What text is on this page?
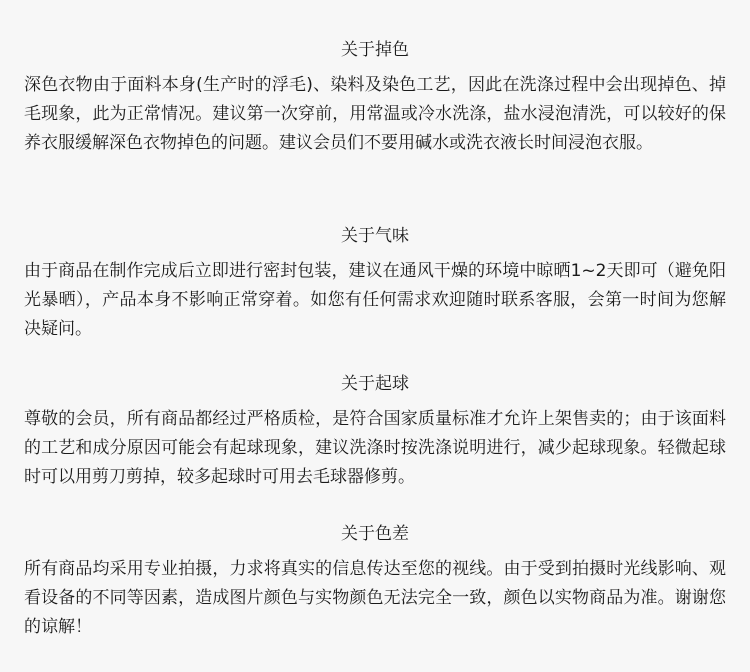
关于掉色

深色衣物由于面料本身(生产时的浮毛)、染料及染色工艺，因此在洗涤过程中会出现掉色、掉毛现象，此为正常情况。建议第一次穿前，用常温或冷水洗涤，盐水浸泡清洗，可以较好的保养衣服缓解深色衣物掉色的问题。建议会员们不要用碱水或洗衣液长时间浸泡衣服。

关于气味

由于商品在制作完成后立即进行密封包装，建议在通风干燥的环境中晾晒1~2天即可（避免阳光暴晒），产品本身不影响正常穿着。如您有任何需求欢迎随时联系客服，会第一时间为您解决疑问。

关于起球

尊敬的会员，所有商品都经过严格质检，是符合国家质量标准才允许上架售卖的；由于该面料的工艺和成分原因可能会有起球现象，建议洗涤时按洗涤说明进行，减少起球现象。轻微起球时可以用剪刀剪掉，较多起球时可用去毛球器修剪。

关于色差

所有商品均采用专业拍摄，力求将真实的信息传达至您的视线。由于受到拍摄时光线影响、观看设备的不同等因素，造成图片颜色与实物颜色无法完全一致，颜色以实物商品为准。谢谢您的谅解！
